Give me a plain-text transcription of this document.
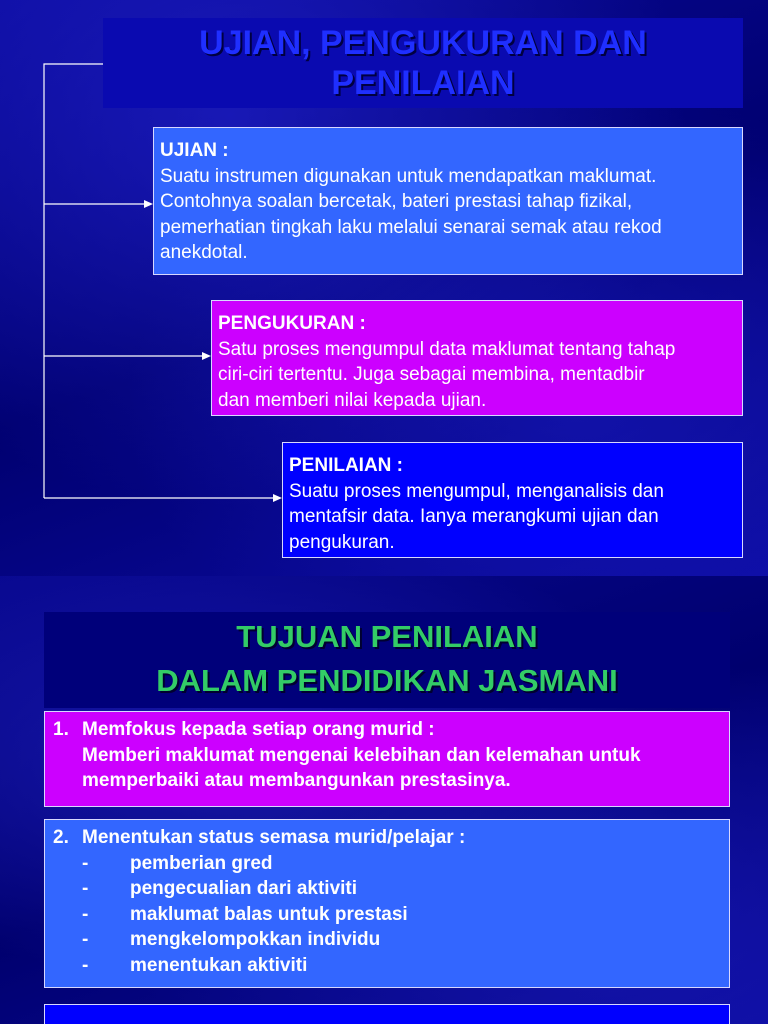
UJIAN, PENGUKURAN DAN
PENILAIAN
UJIAN :
Suatu instrumen digunakan untuk mendapatkan maklumat.
Contohnya soalan bercetak, bateri prestasi tahap fizikal,
pemerhatian tingkah laku melalui senarai semak atau rekod
anekdotal.
PENGUKURAN :
Satu proses mengumpul data maklumat tentang tahap
ciri-ciri tertentu. Juga sebagai membina, mentadbir
dan memberi nilai kepada ujian.
PENILAIAN :
Suatu proses mengumpul, menganalisis dan
mentafsir data. Ianya merangkumi ujian dan
pengukuran.
TUJUAN PENILAIAN
DALAM PENDIDIKAN JASMANI
1. Memfokus kepada setiap orang murid :
Memberi maklumat mengenai kelebihan dan kelemahan untuk
memperbaiki atau membangunkan prestasinya.
2. Menentukan status semasa murid/pelajar :
-	pemberian gred
-	pengecualian dari aktiviti
-	maklumat balas untuk prestasi
-	mengkelompokkan individu
-	menentukan aktiviti
